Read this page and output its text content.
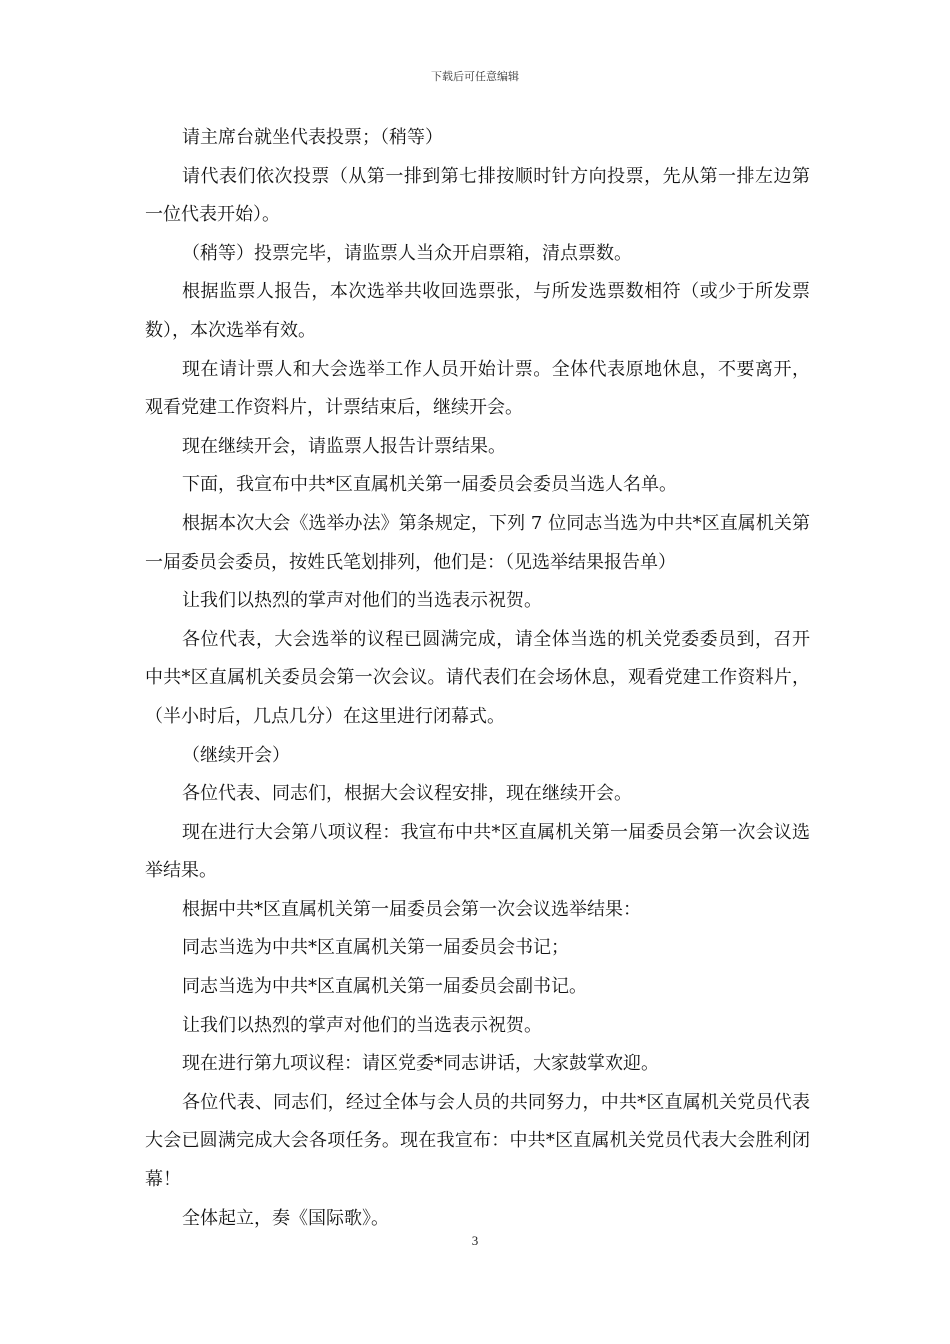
下载后可任意编辑

请主席台就坐代表投票；（稍等）

请代表们依次投票（从第一排到第七排按顺时针方向投票，先从第一排左边第一位代表开始）。

（稍等）投票完毕，请监票人当众开启票箱，清点票数。

根据监票人报告，本次选举共收回选票张，与所发选票数相符（或少于所发票数），本次选举有效。

现在请计票人和大会选举工作人员开始计票。全体代表原地休息，不要离开，观看党建工作资料片，计票结束后，继续开会。

现在继续开会，请监票人报告计票结果。

下面，我宣布中共*区直属机关第一届委员会委员当选人名单。

根据本次大会《选举办法》第条规定，下列 7 位同志当选为中共*区直属机关第一届委员会委员，按姓氏笔划排列，他们是：（见选举结果报告单）

让我们以热烈的掌声对他们的当选表示祝贺。

各位代表，大会选举的议程已圆满完成，请全体当选的机关党委委员到，召开中共*区直属机关委员会第一次会议。请代表们在会场休息，观看党建工作资料片，（半小时后，几点几分）在这里进行闭幕式。

（继续开会）

各位代表、同志们，根据大会议程安排，现在继续开会。

现在进行大会第八项议程：我宣布中共*区直属机关第一届委员会第一次会议选举结果。

根据中共*区直属机关第一届委员会第一次会议选举结果：

同志当选为中共*区直属机关第一届委员会书记；

同志当选为中共*区直属机关第一届委员会副书记。

让我们以热烈的掌声对他们的当选表示祝贺。

现在进行第九项议程：请区党委*同志讲话，大家鼓掌欢迎。

各位代表、同志们，经过全体与会人员的共同努力，中共*区直属机关党员代表大会已圆满完成大会各项任务。现在我宣布：中共*区直属机关党员代表大会胜利闭幕！

全体起立，奏《国际歌》。

3
